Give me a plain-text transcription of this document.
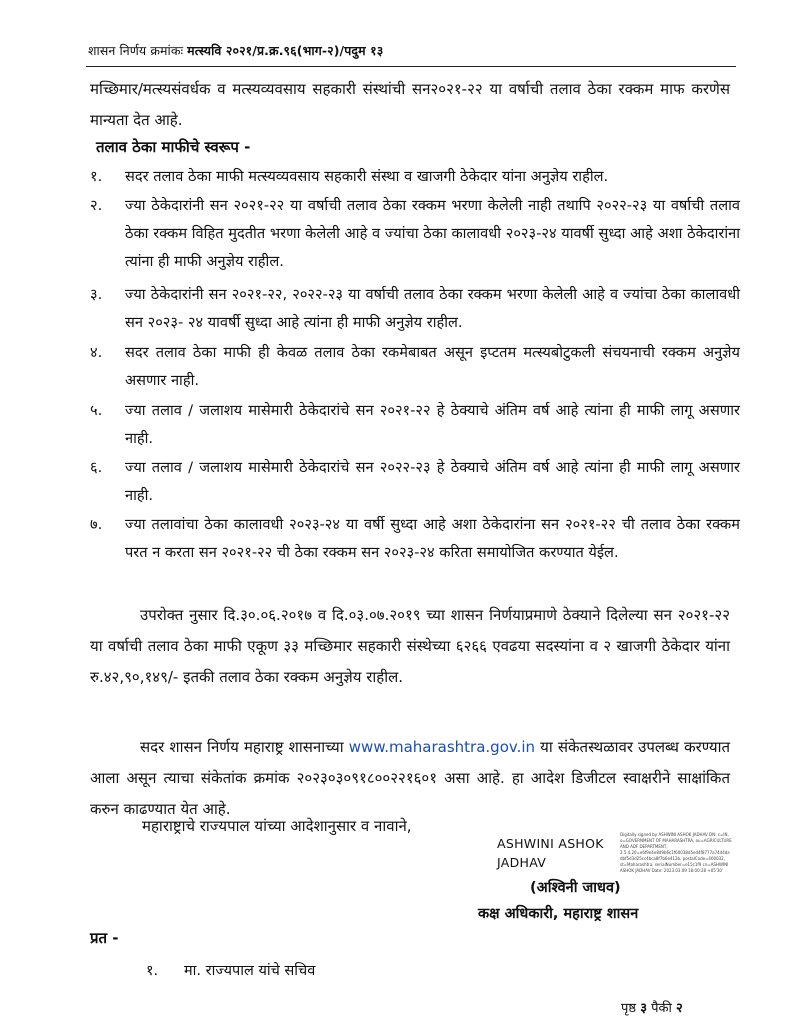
शासन निर्णय क्रमांकः मत्स्यवि २०२१/प्र.क्र.९६(भाग-२)/पदुम १३
मच्छिमार/मत्स्यसंवर्धक व मत्स्यव्यवसाय सहकारी संस्थांची सन२०२१-२२ या वर्षाची तलाव ठेका रक्कम माफ करणेस मान्यता देत आहे.
तलाव ठेका माफीचे स्वरूप -
१.	सदर तलाव ठेका माफी मत्स्यव्यवसाय सहकारी संस्था व खाजगी ठेकेदार यांना अनुज्ञेय राहील.
२.	ज्या ठेकेदारांनी सन २०२१-२२ या वर्षाची तलाव ठेका रक्कम भरणा केलेली नाही तथापि २०२२-२३ या वर्षाची तलाव ठेका रक्कम विहित मुदतीत भरणा केलेली आहे व ज्यांचा ठेका कालावधी २०२३-२४ यावर्षी सुध्दा आहे अशा ठेकेदारांना त्यांना ही माफी अनुज्ञेय राहील.
३.	ज्या ठेकेदारांनी सन २०२१-२२, २०२२-२३ या वर्षाची तलाव ठेका रक्कम भरणा केलेली आहे व ज्यांचा ठेका कालावधी सन २०२३- २४ यावर्षी सुध्दा आहे त्यांना ही माफी अनुज्ञेय राहील.
४.	सदर तलाव ठेका माफी ही केवळ तलाव ठेका रकमेबाबत असून इप्टतम मत्स्यबोटुकली संचयनाची रक्कम अनुज्ञेय असणार नाही.
५.	ज्या तलाव / जलाशय मासेमारी ठेकेदारांचे सन २०२१-२२ हे ठेक्याचे अंतिम वर्ष आहे त्यांना ही माफी लागू असणार नाही.
६.	ज्या तलाव / जलाशय मासेमारी ठेकेदारांचे सन २०२२-२३ हे ठेक्याचे अंतिम वर्ष आहे त्यांना ही माफी लागू असणार नाही.
७.	ज्या तलावांचा ठेका कालावधी २०२३-२४ या वर्षी सुध्दा आहे अशा ठेकेदारांना सन २०२१-२२ ची तलाव ठेका रक्कम परत न करता सन २०२१-२२ ची ठेका रक्कम सन २०२३-२४ करिता समायोजित करण्यात येईल.
उपरोक्त नुसार दि.३०.०६.२०१७ व दि.०३.०७.२०१९ च्या शासन निर्णयाप्रमाणे ठेक्याने दिलेल्या सन २०२१-२२ या वर्षाची तलाव ठेका माफी एकूण ३३ मच्छिमार सहकारी संस्थेच्या ६२६६ एवढया सदस्यांना व २ खाजगी ठेकेदार यांना रु.४२,९०,१४९/- इतकी तलाव ठेका रक्कम अनुज्ञेय राहील.
सदर शासन निर्णय महाराष्ट्र शासनाच्या www.maharashtra.gov.in या संकेतस्थळावर उपलब्ध करण्यात आला असून त्याचा संकेतांक क्रमांक २०२३०३०९१८००२२१६०१ असा आहे. हा आदेश डिजीटल स्वाक्षरीने साक्षांकित करुन काढण्यात येत आहे.
महाराष्ट्राचे राज्यपाल यांच्या आदेशानुसार व नावाने,
ASHWINI ASHOK
JADHAV
Digitally signed by ASHWINI ASHOK JADHAV DN: c=IN, o=GOVERNMENT OF MAHARASHTRA, ou=AGRICULTURE AND ADF DEPARTMENT, 2.5.4.20=e6f9e4e8d9b6c1f60038d5ed4f8777a74d4dadbf5d3d25cc4bca8f7b6e412b, postalCode=400032, st=Maharashtra, serialNumber=e15c1f9 cn=ASHWINI ASHOK JADHAV Date: 2023.03.09 18:00:28 +05'30'
(अश्विनी जाधव)
कक्ष अधिकारी, महाराष्ट्र शासन
प्रत -
१. मा. राज्यपाल यांचे सचिव
पृष्ठ ३ पैकी २
